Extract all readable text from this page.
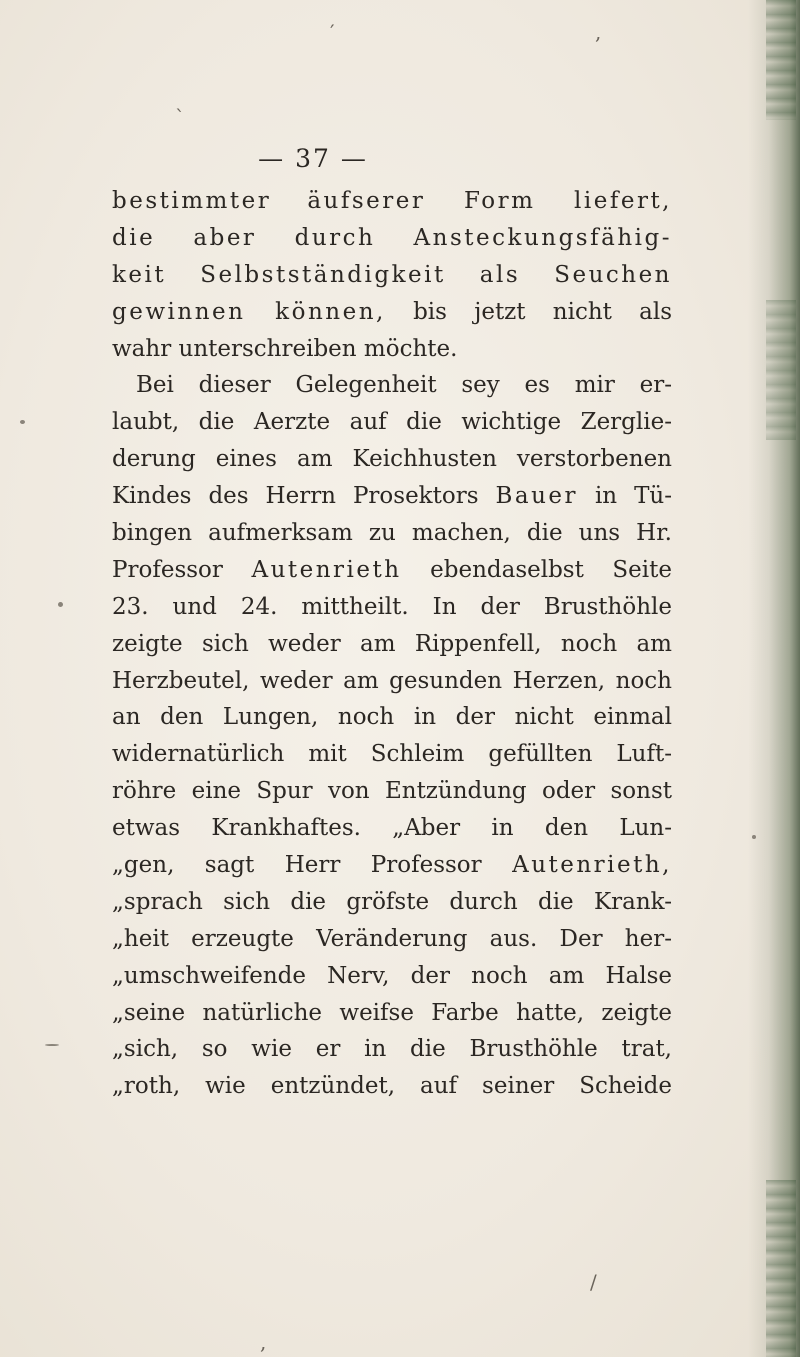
′	,
`
/
,
— 37 —
bestimmter äufserer Form liefert,
die aber durch Ansteckungsfähig-
keit Selbstständigkeit als Seuchen
gewinnen können, bis jetzt nicht als
wahr unterschreiben möchte.
Bei dieser Gelegenheit sey es mir er-
laubt, die Aerzte auf die wichtige Zerglie-
derung eines am Keichhusten verstorbenen
Kindes des Herrn Prosektors Bauer in Tü-
bingen aufmerksam zu machen, die uns Hr.
Professor Autenrieth ebendaselbst Seite
23. und 24. mittheilt. In der Brusthöhle
zeigte sich weder am Rippenfell, noch am
Herzbeutel, weder am gesunden Herzen, noch
an den Lungen, noch in der nicht einmal
widernatürlich mit Schleim gefüllten Luft-
röhre eine Spur von Entzündung oder sonst
etwas Krankhaftes. „Aber in den Lun-
„gen, sagt Herr Professor Autenrieth,
„sprach sich die gröfste durch die Krank-
„heit erzeugte Veränderung aus. Der her-
„umschweifende Nerv, der noch am Halse
„seine natürliche weifse Farbe hatte, zeigte
„sich, so wie er in die Brusthöhle trat,
„roth, wie entzündet, auf seiner Scheide
